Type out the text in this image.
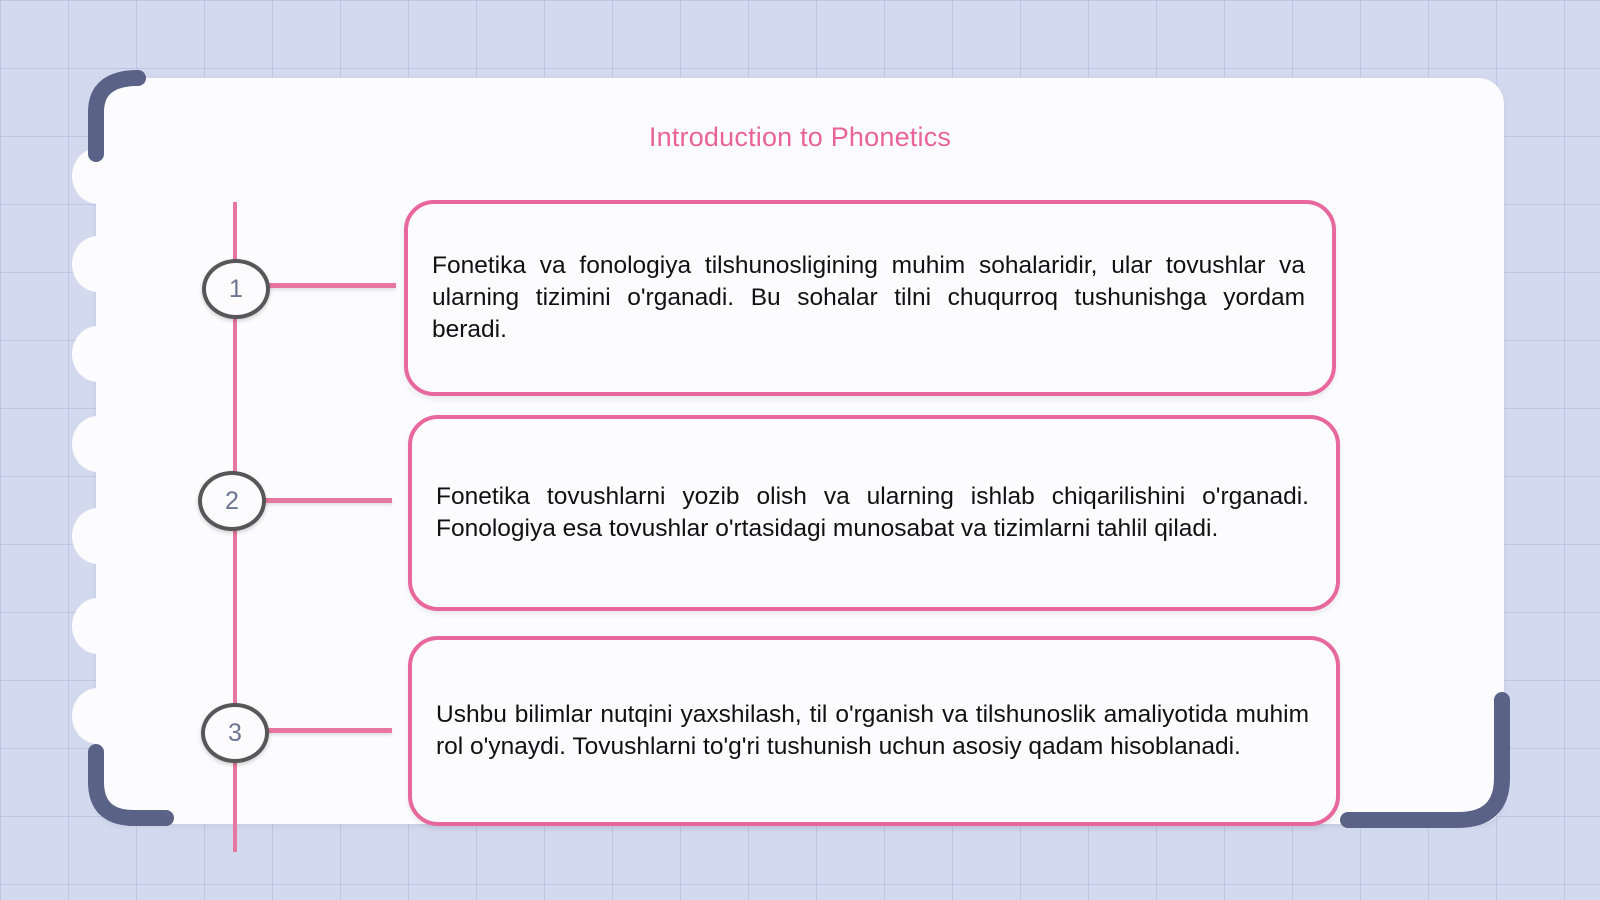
Introduction to Phonetics
1
2
3

Fonetika va fonologiya tilshunosligining muhim sohalaridir, ular tovushlar va ularning tizimini o'rganadi. Bu sohalar tilni chuqurroq tushunishga yordam beradi.

Fonetika tovushlarni yozib olish va ularning ishlab chiqarilishini o'rganadi. Fonologiya esa tovushlar o'rtasidagi munosabat va tizimlarni tahlil qiladi.

Ushbu bilimlar nutqini yaxshilash, til o'rganish va tilshunoslik amaliyotida muhim rol o'ynaydi. Tovushlarni to'g'ri tushunish uchun asosiy qadam hisoblanadi.
